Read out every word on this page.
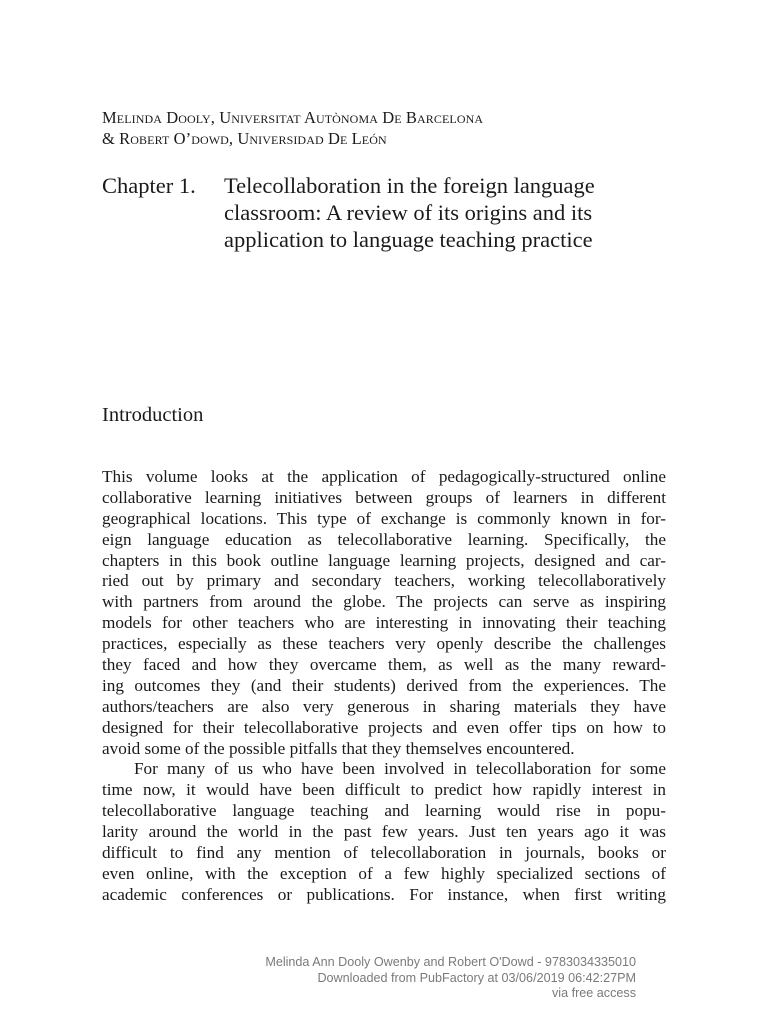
Melinda Dooly, Universitat Autònoma De Barcelona
& Robert O’dowd, Universidad De León
Chapter 1.	Telecollaboration in the foreign language
classroom: A review of its origins and its
application to language teaching practice
Introduction
This volume looks at the application of pedagogically-structured online
collaborative learning initiatives between groups of learners in different
geographical locations. This type of exchange is commonly known in for-
eign language education as telecollaborative learning. Specifically, the
chapters in this book outline language learning projects, designed and car-
ried out by primary and secondary teachers, working telecollaboratively
with partners from around the globe. The projects can serve as inspiring
models for other teachers who are interesting in innovating their teaching
practices, especially as these teachers very openly describe the challenges
they faced and how they overcame them, as well as the many reward-
ing outcomes they (and their students) derived from the experiences. The
authors/teachers are also very generous in sharing materials they have
designed for their telecollaborative projects and even offer tips on how to
avoid some of the possible pitfalls that they themselves encountered.
For many of us who have been involved in telecollaboration for some
time now, it would have been difficult to predict how rapidly interest in
telecollaborative language teaching and learning would rise in popu-
larity around the world in the past few years. Just ten years ago it was
difficult to find any mention of telecollaboration in journals, books or
even online, with the exception of a few highly specialized sections of
academic conferences or publications. For instance, when first writing
Melinda Ann Dooly Owenby and Robert O'Dowd - 9783034335010
Downloaded from PubFactory at 03/06/2019 06:42:27PM
via free access
